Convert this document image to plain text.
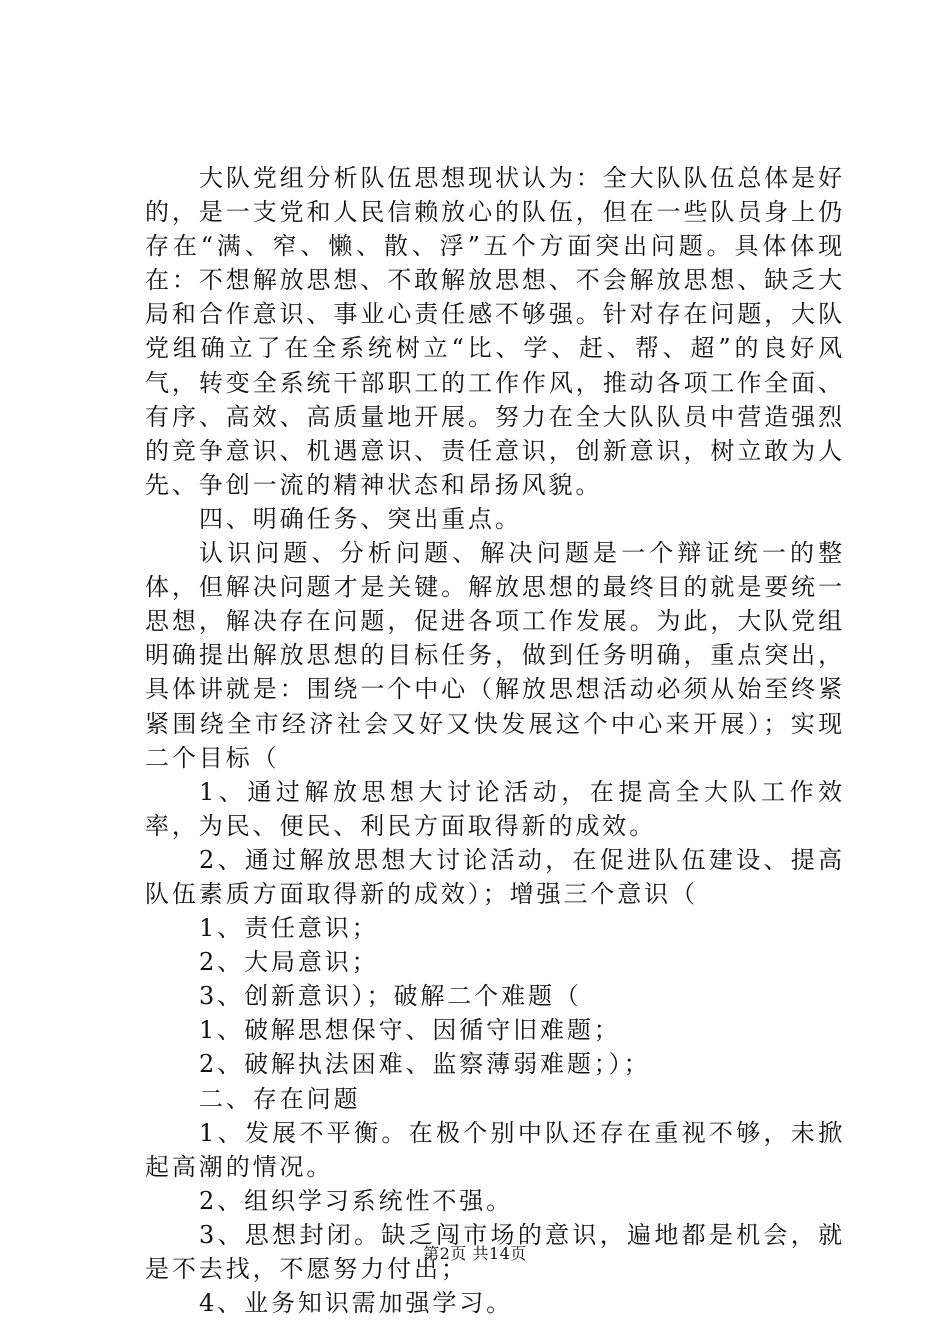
大队党组分析队伍思想现状认为：全大队队伍总体是好的，是一支党和人民信赖放心的队伍，但在一些队员身上仍存在“满、窄、懒、散、浮”五个方面突出问题。具体体现在：不想解放思想、不敢解放思想、不会解放思想、缺乏大局和合作意识、事业心责任感不够强。针对存在问题，大队党组确立了在全系统树立“比、学、赶、帮、超”的良好风气，转变全系统干部职工的工作作风，推动各项工作全面、有序、高效、高质量地开展。努力在全大队队员中营造强烈的竞争意识、机遇意识、责任意识，创新意识，树立敢为人先、争创一流的精神状态和昂扬风貌。

四、明确任务、突出重点。

认识问题、分析问题、解决问题是一个辩证统一的整体，但解决问题才是关键。解放思想的最终目的就是要统一思想，解决存在问题，促进各项工作发展。为此，大队党组明确提出解放思想的目标任务，做到任务明确，重点突出，具体讲就是：围绕一个中心（解放思想活动必须从始至终紧紧围绕全市经济社会又好又快发展这个中心来开展）；实现二个目标（

1、通过解放思想大讨论活动，在提高全大队工作效率，为民、便民、利民方面取得新的成效。

2、通过解放思想大讨论活动，在促进队伍建设、提高队伍素质方面取得新的成效）；增强三个意识（

1、责任意识；

2、大局意识；

3、创新意识）；破解二个难题（

1、破解思想保守、因循守旧难题；

2、破解执法困难、监察薄弱难题；）；

二、存在问题

1、发展不平衡。在极个别中队还存在重视不够，未掀起高潮的情况。

2、组织学习系统性不强。

3、思想封闭。缺乏闯市场的意识，遍地都是机会，就是不去找，不愿努力付出；

4、业务知识需加强学习。

第2页 共14页
